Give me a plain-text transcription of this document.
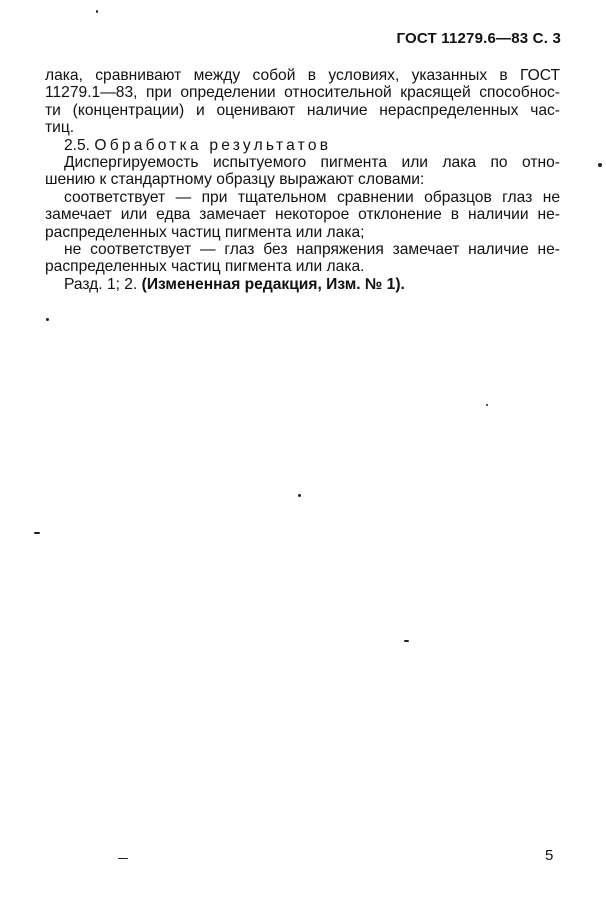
ГОСТ 11279.6—83 С. 3
лака, сравнивают между собой в условиях, указанных в ГОСТ
11279.1—83, при определении относительной красящей способнос-
ти (концентрации) и оценивают наличие нераспределенных час-
тиц.
2.5. Обработка результатов
Диспергируемость испытуемого пигмента или лака по отно-
шению к стандартному образцу выражают словами:
соответствует — при тщательном сравнении образцов глаз не
замечает или едва замечает некоторое отклонение в наличии не-
распределенных частиц пигмента или лака;
не соответствует — глаз без напряжения замечает наличие не-
распределенных частиц пигмента или лака.
Разд. 1; 2. (Измененная редакция, Изм. № 1).
5
